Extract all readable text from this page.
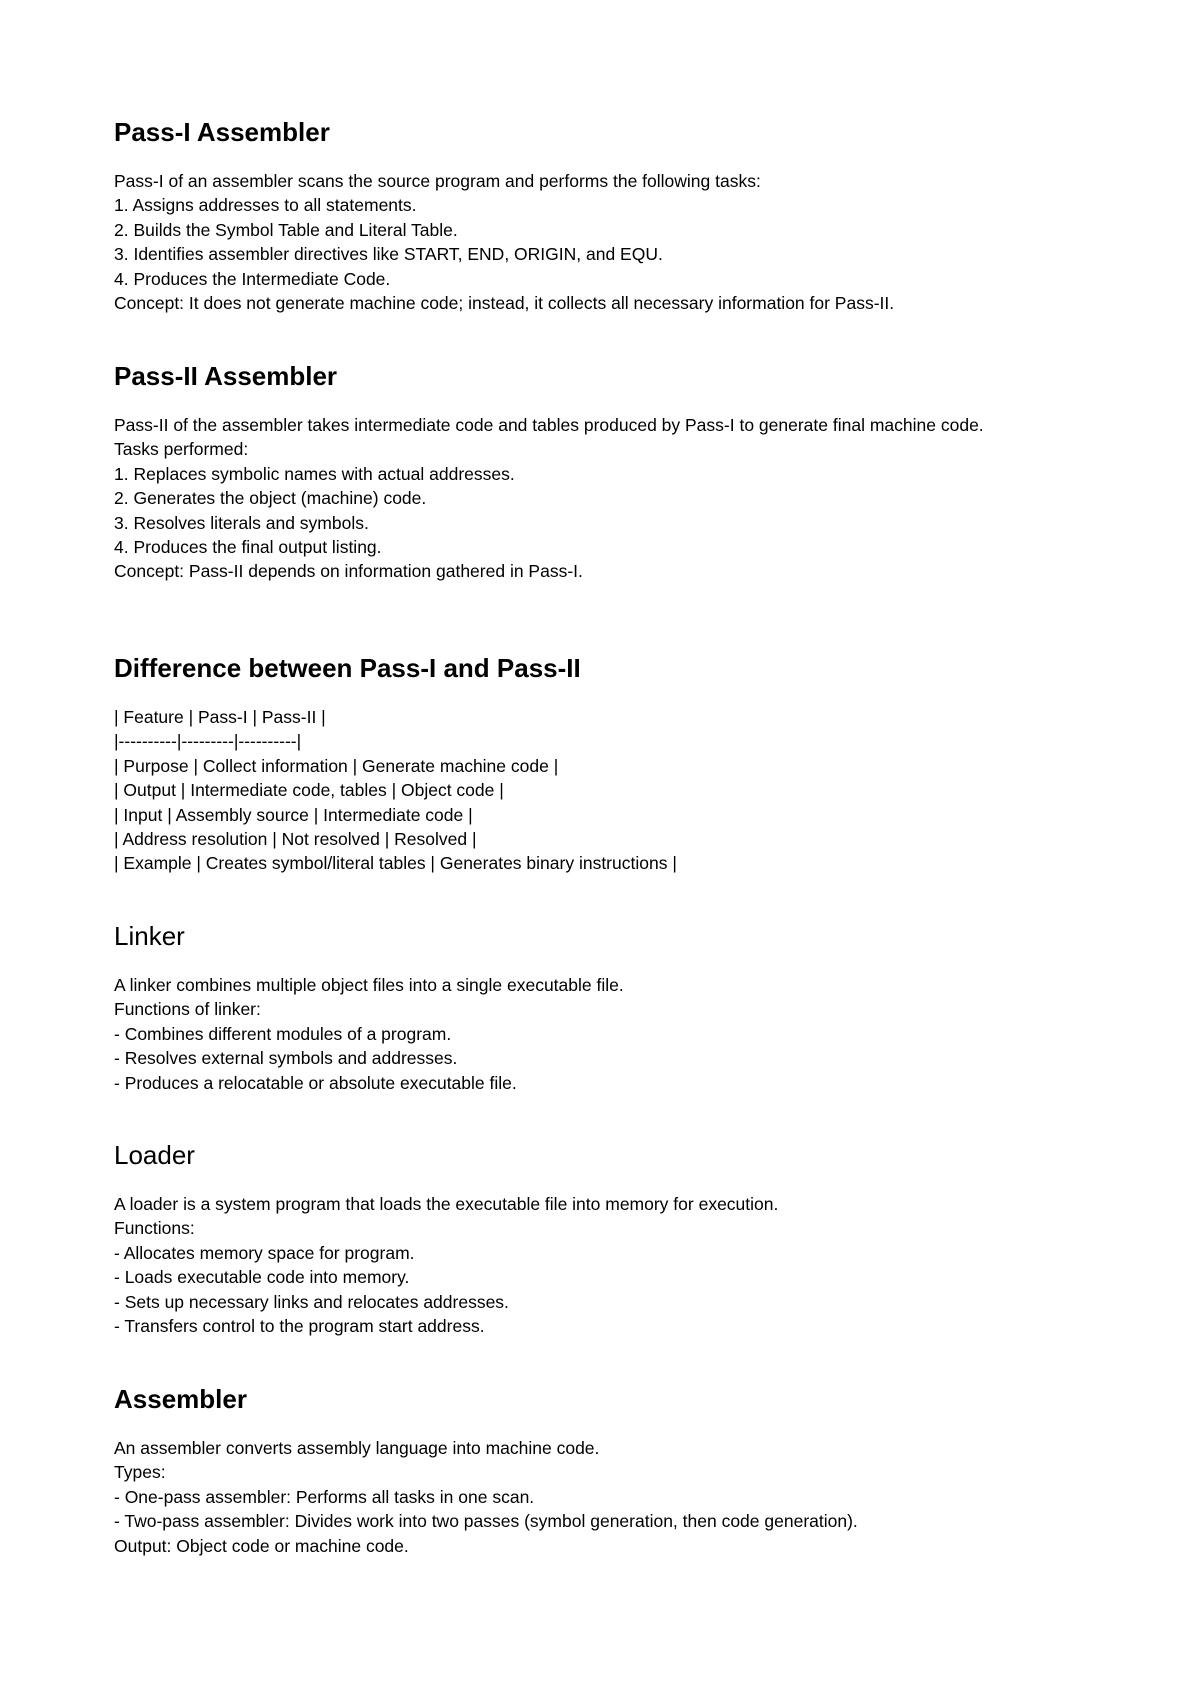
Pass-I Assembler
Pass-I of an assembler scans the source program and performs the following tasks:
1. Assigns addresses to all statements.
2. Builds the Symbol Table and Literal Table.
3. Identifies assembler directives like START, END, ORIGIN, and EQU.
4. Produces the Intermediate Code.
Concept: It does not generate machine code; instead, it collects all necessary information for Pass-II.
Pass-II Assembler
Pass-II of the assembler takes intermediate code and tables produced by Pass-I to generate final machine code.
Tasks performed:
1. Replaces symbolic names with actual addresses.
2. Generates the object (machine) code.
3. Resolves literals and symbols.
4. Produces the final output listing.
Concept: Pass-II depends on information gathered in Pass-I.
Difference between Pass-I and Pass-II
| Feature | Pass-I | Pass-II |
|----------|---------|----------|
| Purpose | Collect information | Generate machine code |
| Output | Intermediate code, tables | Object code |
| Input | Assembly source | Intermediate code |
| Address resolution | Not resolved | Resolved |
| Example | Creates symbol/literal tables | Generates binary instructions |
Linker
A linker combines multiple object files into a single executable file.
Functions of linker:
- Combines different modules of a program.
- Resolves external symbols and addresses.
- Produces a relocatable or absolute executable file.
Loader
A loader is a system program that loads the executable file into memory for execution.
Functions:
- Allocates memory space for program.
- Loads executable code into memory.
- Sets up necessary links and relocates addresses.
- Transfers control to the program start address.
Assembler
An assembler converts assembly language into machine code.
Types:
- One-pass assembler: Performs all tasks in one scan.
- Two-pass assembler: Divides work into two passes (symbol generation, then code generation).
Output: Object code or machine code.
